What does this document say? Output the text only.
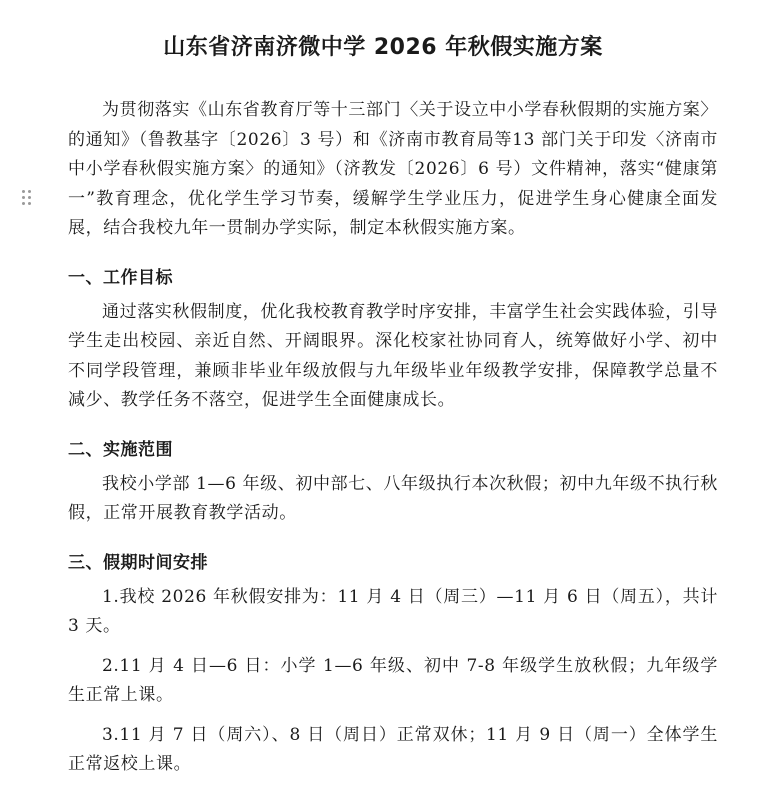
山东省济南济微中学 2026 年秋假实施方案

为贯彻落实《山东省教育厅等十三部门〈关于设立中小学春秋假期的实施方案〉的通知》（鲁教基字〔2026〕3 号）和《济南市教育局等13 部门关于印发〈济南市中小学春秋假实施方案〉的通知》（济教发〔2026〕6 号）文件精神，落实“健康第一”教育理念，优化学生学习节奏，缓解学生学业压力，促进学生身心健康全面发展，结合我校九年一贯制办学实际，制定本秋假实施方案。

一、工作目标

通过落实秋假制度，优化我校教育教学时序安排，丰富学生社会实践体验，引导学生走出校园、亲近自然、开阔眼界。深化校家社协同育人，统筹做好小学、初中不同学段管理，兼顾非毕业年级放假与九年级毕业年级教学安排，保障教学总量不减少、教学任务不落空，促进学生全面健康成长。

二、实施范围

我校小学部 1—6 年级、初中部七、八年级执行本次秋假；初中九年级不执行秋假，正常开展教育教学活动。

三、假期时间安排

1.我校 2026 年秋假安排为：11 月 4 日（周三）—11 月 6 日（周五），共计 3 天。

2.11 月 4 日—6 日：小学 1—6 年级、初中 7-8 年级学生放秋假；九年级学生正常上课。

3.11 月 7 日（周六）、8 日（周日）正常双休；11 月 9 日（周一）全体学生正常返校上课。
